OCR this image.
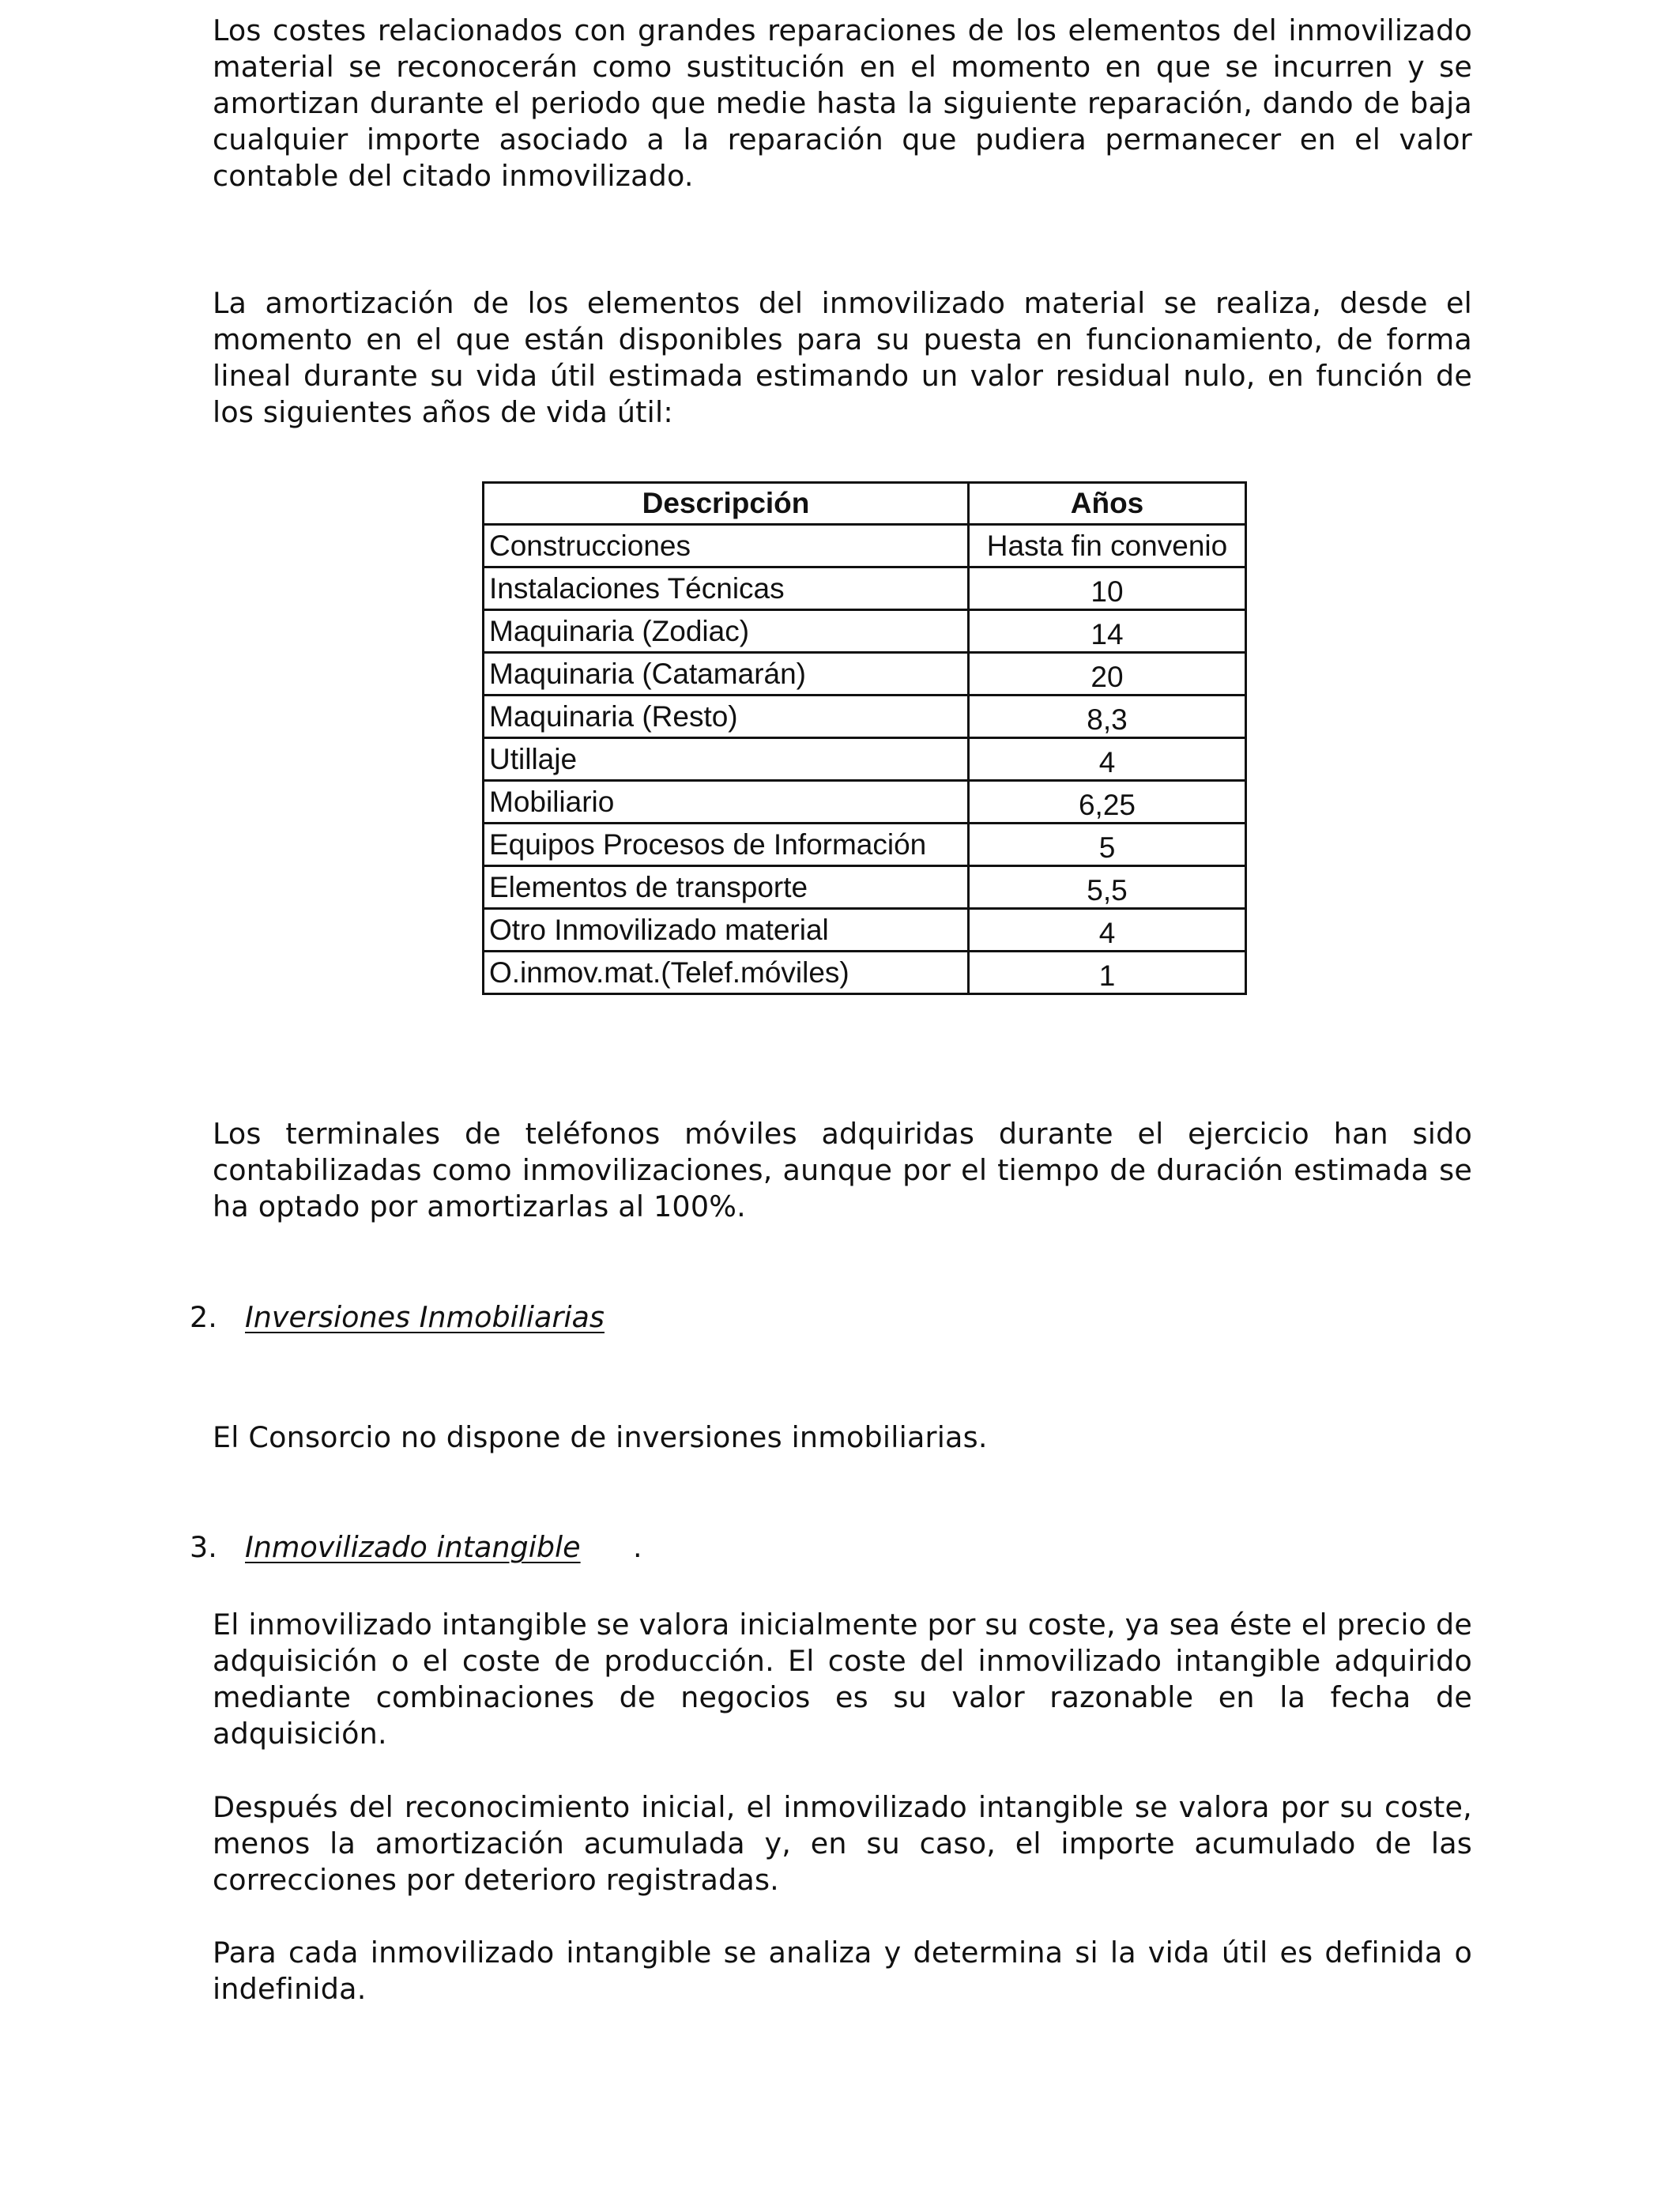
Los costes relacionados con grandes reparaciones de los elementos del inmovilizado material se reconocerán como sustitución en el momento en que se incurren y se amortizan durante el periodo que medie hasta la siguiente reparación, dando de baja cualquier importe asociado a la reparación que pudiera permanecer en el valor contable del citado inmovilizado.

La amortización de los elementos del inmovilizado material se realiza, desde el momento en el que están disponibles para su puesta en funcionamiento, de forma lineal durante su vida útil estimada estimando un valor residual nulo, en función de los siguientes años de vida útil:

Descripción	Años
Construcciones	Hasta fin convenio
Instalaciones Técnicas	10
Maquinaria (Zodiac)	14
Maquinaria (Catamarán)	20
Maquinaria (Resto)	8,3
Utillaje	4
Mobiliario	6,25
Equipos Procesos de Información	5
Elementos de transporte	5,5
Otro Inmovilizado material	4
O.inmov.mat.(Telef.móviles)	1

Los terminales de teléfonos móviles adquiridas durante el ejercicio han sido contabilizadas como inmovilizaciones, aunque por el tiempo de duración estimada se ha optado por amortizarlas al 100%.

2. Inversiones Inmobiliarias

El Consorcio no dispone de inversiones inmobiliarias.

3. Inmovilizado intangible .

El inmovilizado intangible se valora inicialmente por su coste, ya sea éste el precio de adquisición o el coste de producción. El coste del inmovilizado intangible adquirido mediante combinaciones de negocios es su valor razonable en la fecha de adquisición.

Después del reconocimiento inicial, el inmovilizado intangible se valora por su coste, menos la amortización acumulada y, en su caso, el importe acumulado de las correcciones por deterioro registradas.

Para cada inmovilizado intangible se analiza y determina si la vida útil es definida o indefinida.
